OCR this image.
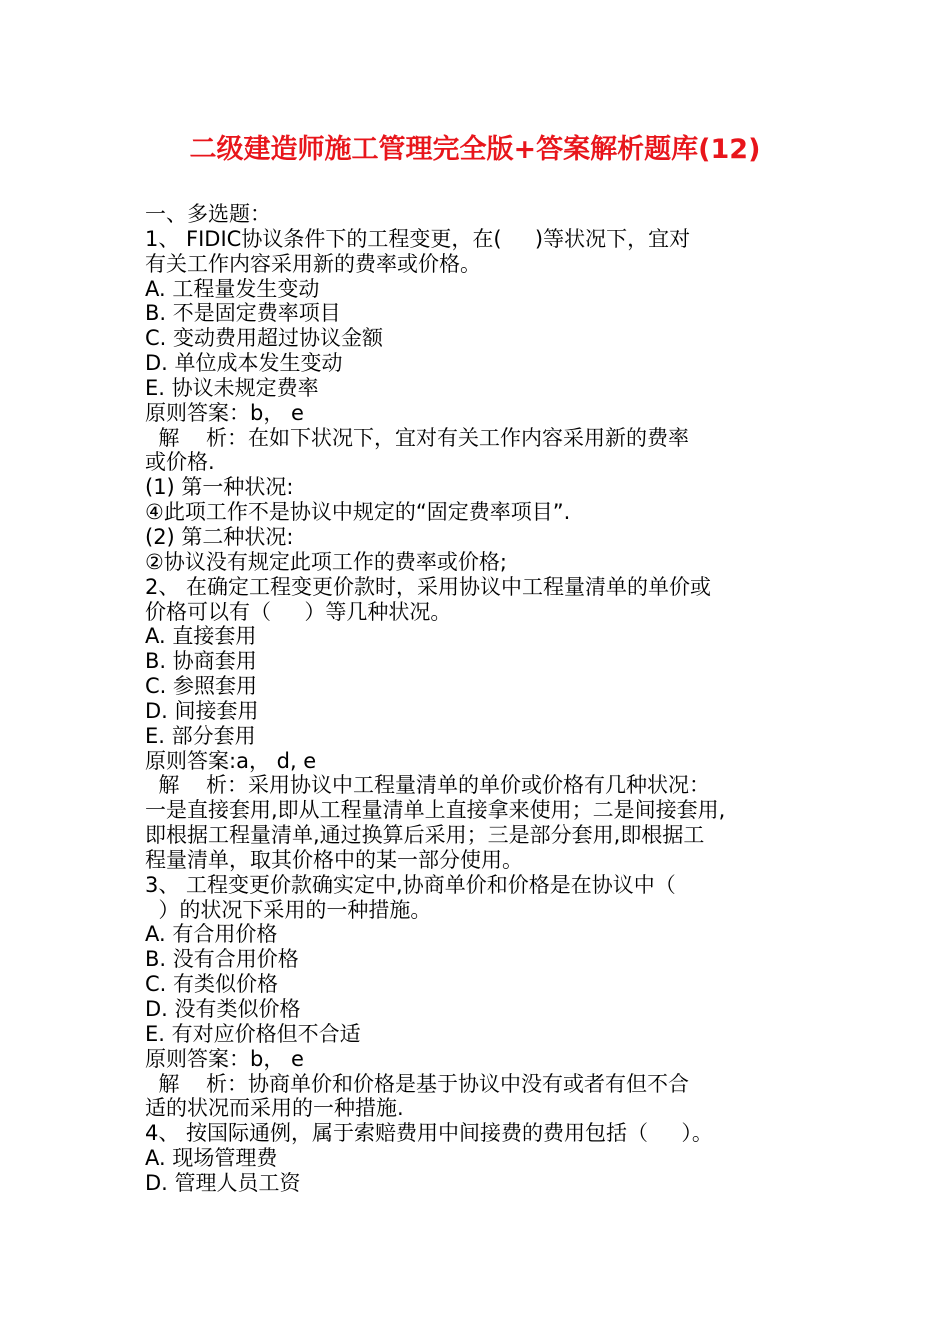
二级建造师施工管理完全版+答案解析题库(12)
一、多选题：
1、 FIDIC协议条件下的工程变更，在(     )等状况下，宜对
有关工作内容采用新的费率或价格。
A. 工程量发生变动
B. 不是固定费率项目
C. 变动费用超过协议金额
D. 单位成本发生变动
E. 协议未规定费率
原则答案：b， e
解    析：在如下状况下，宜对有关工作内容采用新的费率
或价格.
(1) 第一种状况:
④此项工作不是协议中规定的“固定费率项目”.
(2) 第二种状况:
②协议没有规定此项工作的费率或价格;
2、 在确定工程变更价款时，采用协议中工程量清单的单价或
价格可以有（     ）等几种状况。
A. 直接套用
B. 协商套用
C. 参照套用
D. 间接套用
E. 部分套用
原则答案:a， d, e
解    析：采用协议中工程量清单的单价或价格有几种状况：
一是直接套用,即从工程量清单上直接拿来使用；二是间接套用,
即根据工程量清单,通过换算后采用；三是部分套用,即根据工
程量清单，取其价格中的某一部分使用。
3、 工程变更价款确实定中,协商单价和价格是在协议中（
）的状况下采用的一种措施。
A. 有合用价格
B. 没有合用价格
C. 有类似价格
D. 没有类似价格
E. 有对应价格但不合适
原则答案：b， e
解    析：协商单价和价格是基于协议中没有或者有但不合
适的状况而采用的一种措施.
4、 按国际通例，属于索赔费用中间接费的费用包括（     ）。
A. 现场管理费
D. 管理人员工资
